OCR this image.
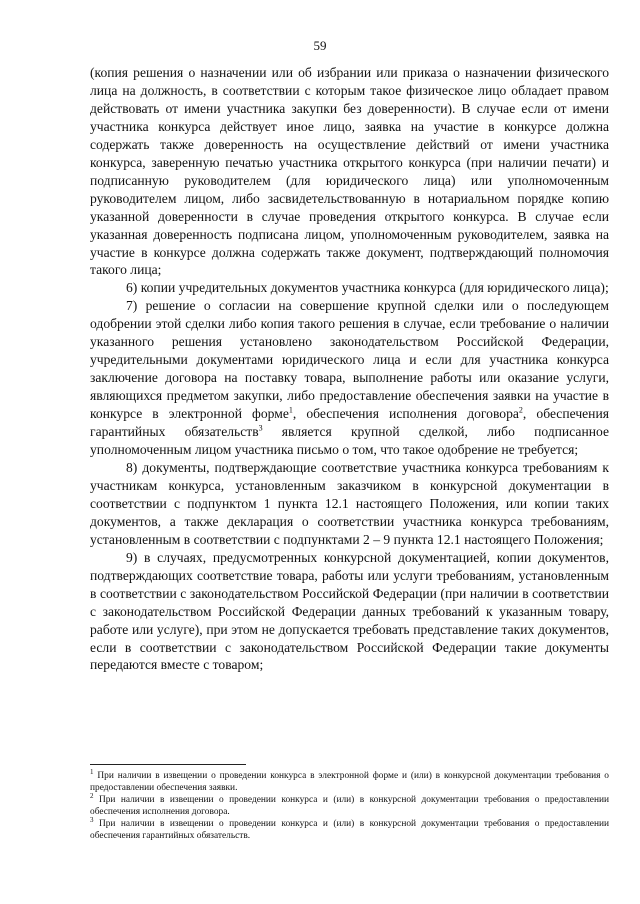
59

(копия решения о назначении или об избрании или приказа о назначении физического лица на должность, в соответствии с которым такое физическое лицо обладает правом действовать от имени участника закупки без доверенности). В случае если от имени участника конкурса действует иное лицо, заявка на участие в конкурсе должна содержать также доверенность на осуществление действий от имени участника конкурса, заверенную печатью участника открытого конкурса (при наличии печати) и подписанную руководителем (для юридического лица) или уполномоченным руководителем лицом, либо засвидетельствованную в нотариальном порядке копию указанной доверенности в случае проведения открытого конкурса. В случае если указанная доверенность подписана лицом, уполномоченным руководителем, заявка на участие в конкурсе должна содержать также документ, подтверждающий полномочия такого лица;

6) копии учредительных документов участника конкурса (для юридического лица);

7) решение о согласии на совершение крупной сделки или о последующем одобрении этой сделки либо копия такого решения в случае, если требование о наличии указанного решения установлено законодательством Российской Федерации, учредительными документами юридического лица и если для участника конкурса заключение договора на поставку товара, выполнение работы или оказание услуги, являющихся предметом закупки, либо предоставление обеспечения заявки на участие в конкурсе в электронной форме$^1$, обеспечения исполнения договора$^2$, обеспечения гарантийных обязательств$^3$ является крупной сделкой, либо подписанное уполномоченным лицом участника письмо о том, что такое одобрение не требуется;

8) документы, подтверждающие соответствие участника конкурса требованиям к участникам конкурса, установленным заказчиком в конкурсной документации в соответствии с подпунктом 1 пункта 12.1 настоящего Положения, или копии таких документов, а также декларация о соответствии участника конкурса требованиям, установленным в соответствии с подпунктами 2 – 9 пункта 12.1 настоящего Положения;

9) в случаях, предусмотренных конкурсной документацией, копии документов, подтверждающих соответствие товара, работы или услуги требованиям, установленным в соответствии с законодательством Российской Федерации (при наличии в соответствии с законодательством Российской Федерации данных требований к указанным товару, работе или услуге), при этом не допускается требовать представление таких документов, если в соответствии с законодательством Российской Федерации такие документы передаются вместе с товаром;

$^1$ При наличии в извещении о проведении конкурса в электронной форме и (или) в конкурсной документации требования о предоставлении обеспечения заявки.

$^2$ При наличии в извещении о проведении конкурса и (или) в конкурсной документации требования о предоставлении обеспечения исполнения договора.

$^3$ При наличии в извещении о проведении конкурса и (или) в конкурсной документации требования о предоставлении обеспечения гарантийных обязательств.
